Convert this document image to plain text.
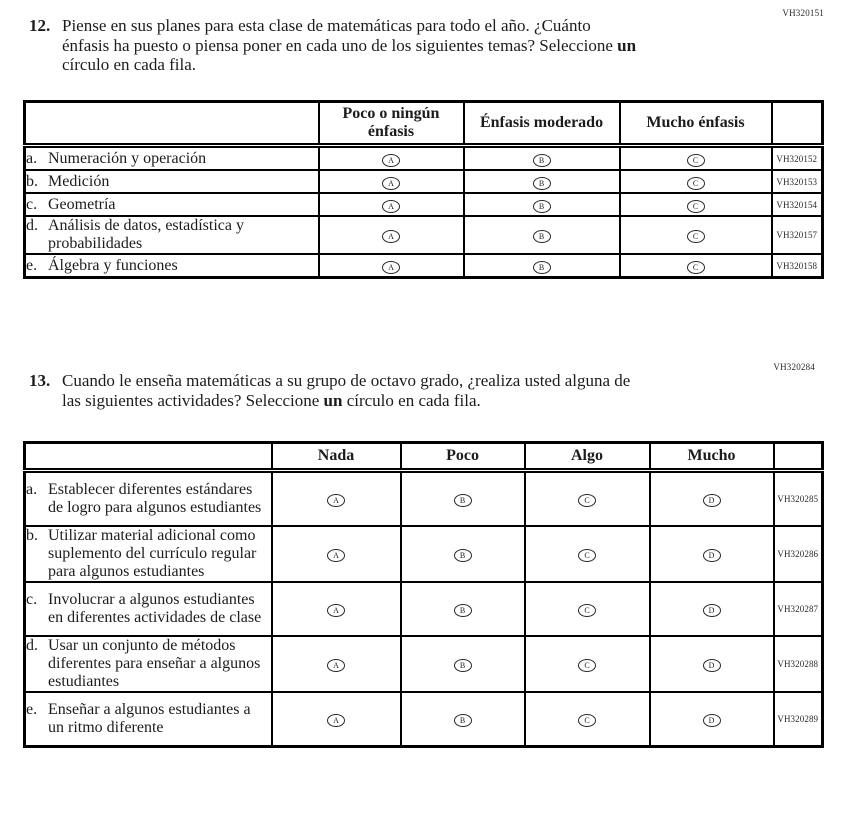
VH320151
12. Piense en sus planes para esta clase de matemáticas para todo el año. ¿Cuánto
énfasis ha puesto o piensa poner en cada uno de los siguientes temas? Seleccione un
círculo en cada fila.
	Poco o ningún énfasis	Énfasis moderado	Mucho énfasis	

a. Numeración y operación	A	B	C	VH320152

b. Medición	A	B	C	VH320153

c. Geometría	A	B	C	VH320154

d. Análisis de datos, estadística y probabilidades	A	B	C	VH320157

e. Álgebra y funciones	A	B	C	VH320158
VH320284
13. Cuando le enseña matemáticas a su grupo de octavo grado, ¿realiza usted alguna de
las siguientes actividades? Seleccione un círculo en cada fila.
	Nada	Poco	Algo	Mucho	

a. Establecer diferentes estándares de logro para algunos estudiantes	A	B	C	D	VH320285

b. Utilizar material adicional como suplemento del currículo regular para algunos estudiantes	A	B	C	D	VH320286

c. Involucrar a algunos estudiantes en diferentes actividades de clase	A	B	C	D	VH320287

d. Usar un conjunto de métodos diferentes para enseñar a algunos estudiantes	A	B	C	D	VH320288

e. Enseñar a algunos estudiantes a un ritmo diferente	A	B	C	D	VH320289
